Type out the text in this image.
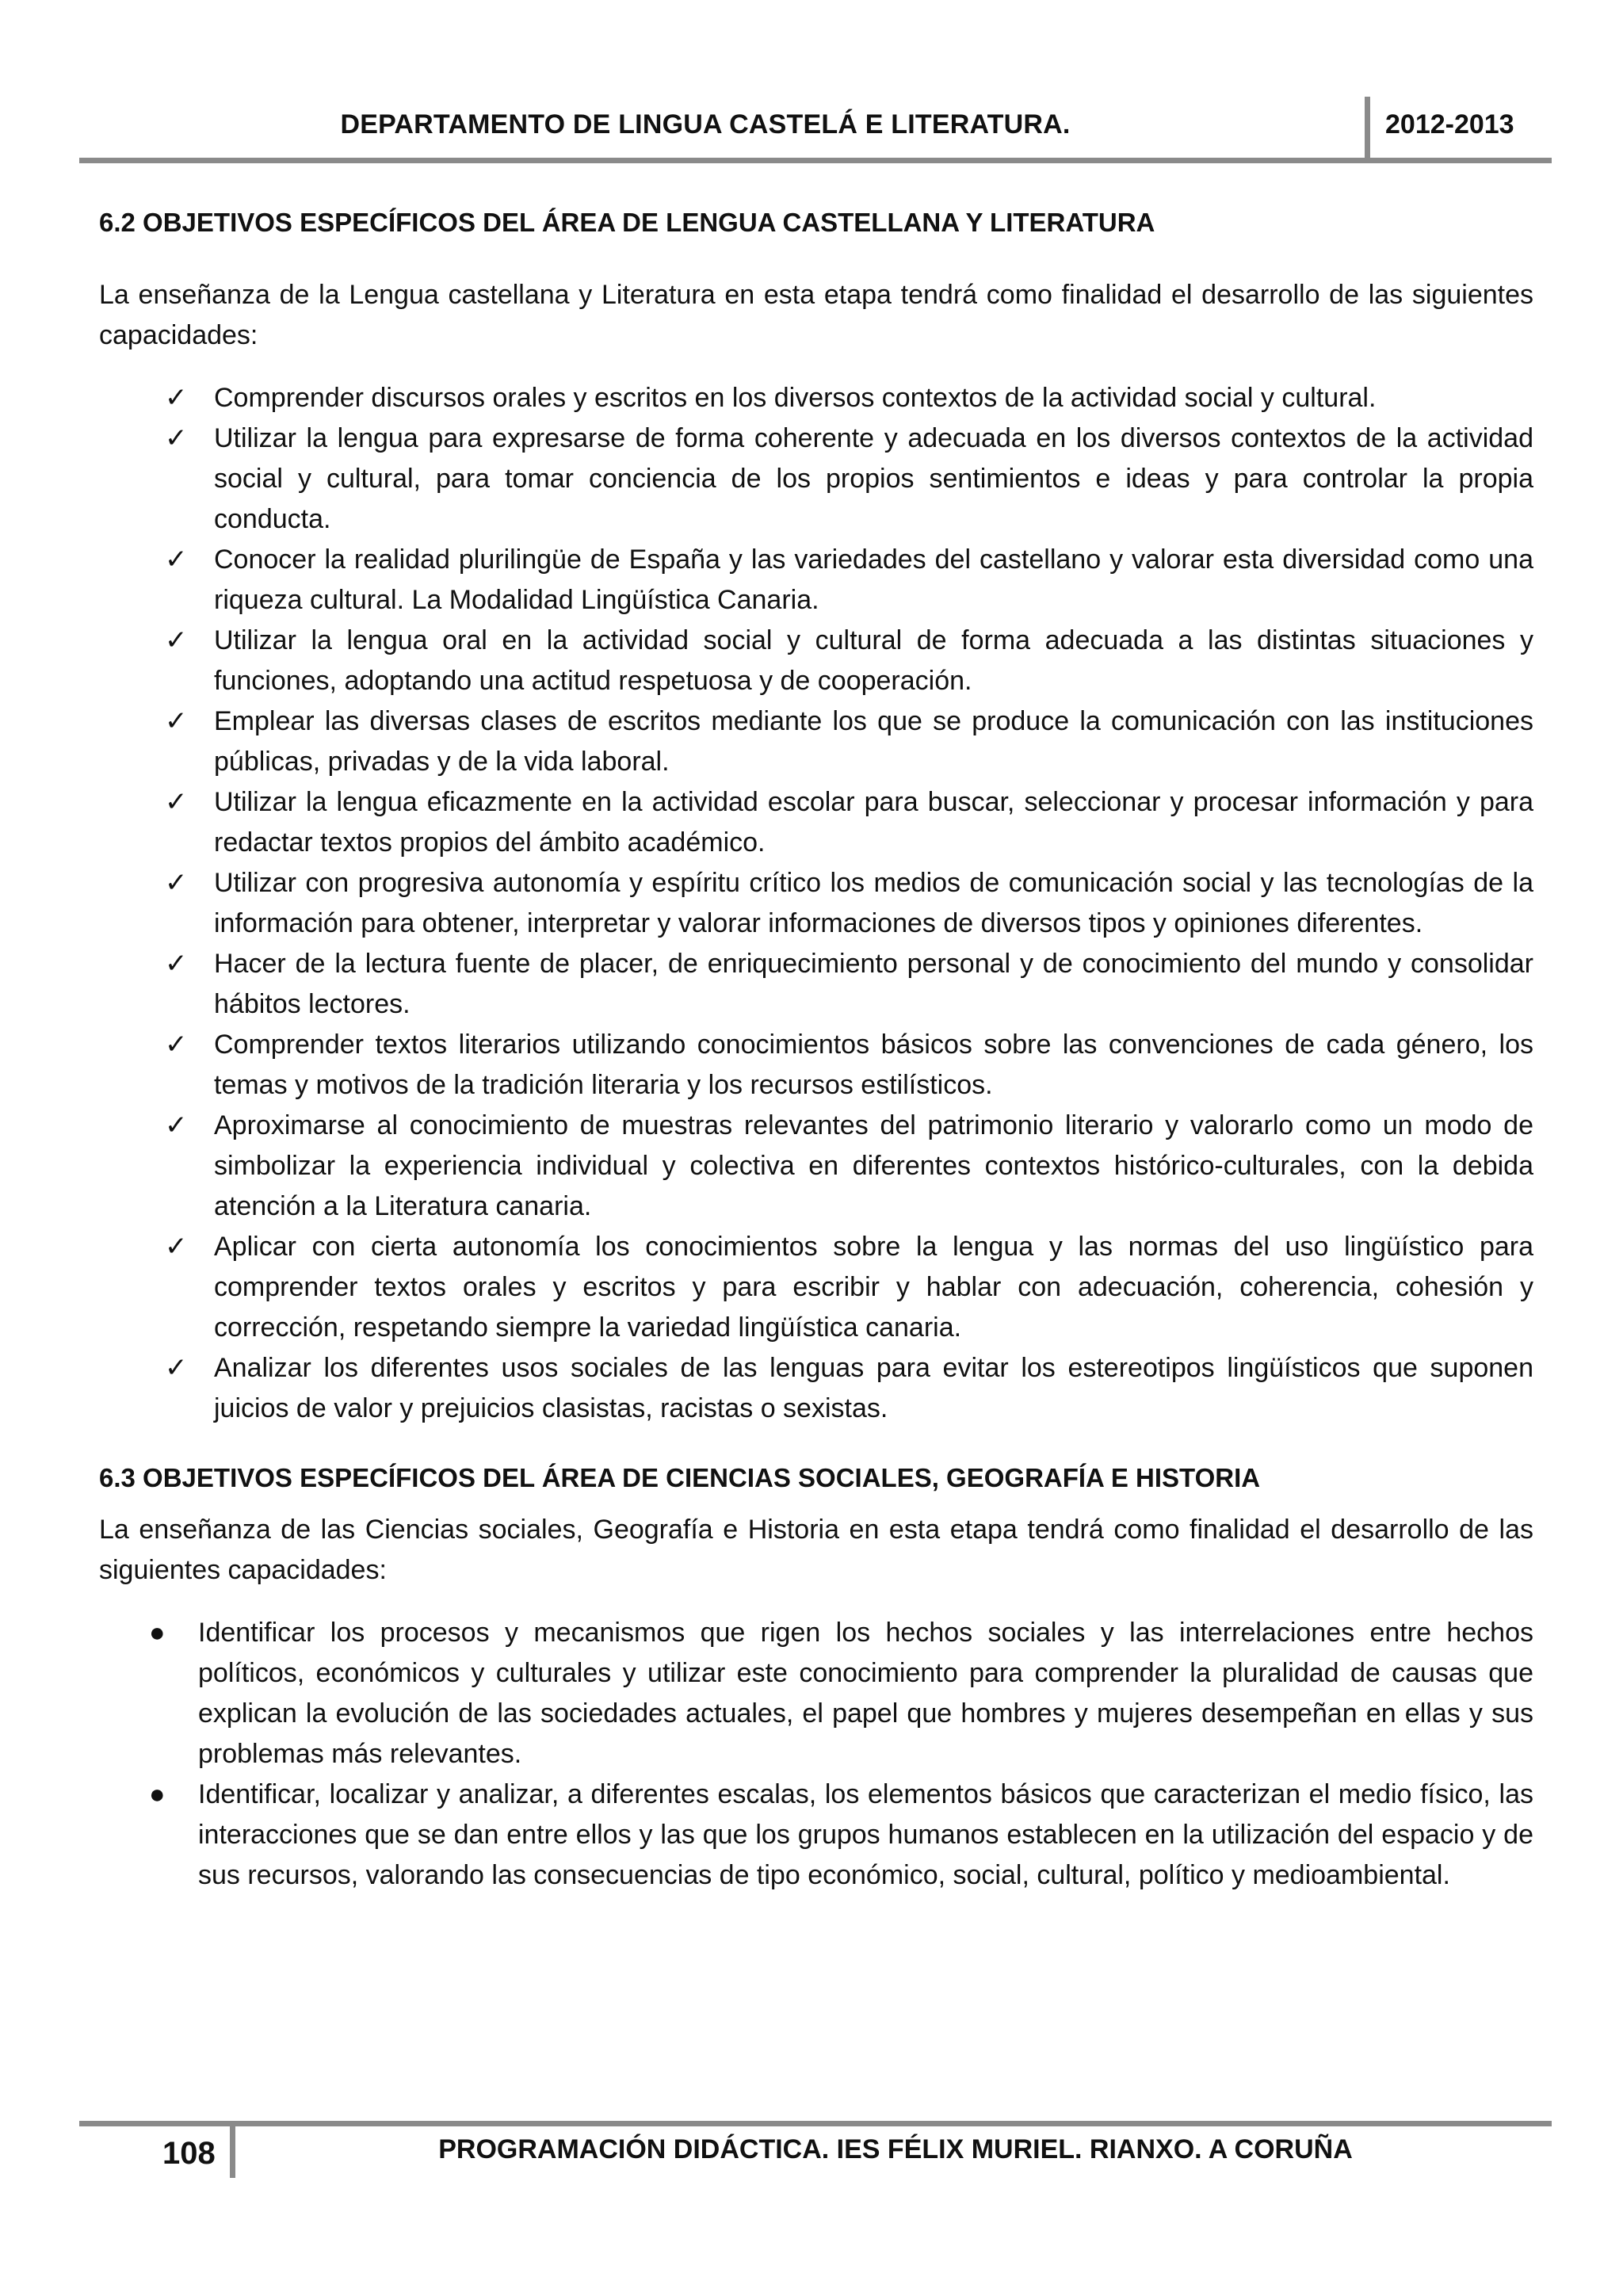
DEPARTAMENTO DE LINGUA CASTELÁ E LITERATURA.	2012-2013
6.2 OBJETIVOS ESPECÍFICOS DEL ÁREA DE LENGUA CASTELLANA Y LITERATURA

La enseñanza de la Lengua castellana y Literatura en esta etapa tendrá como finalidad el desarrollo de las siguientes capacidades:

✓ Comprender discursos orales y escritos en los diversos contextos de la actividad social y cultural.
✓ Utilizar la lengua para expresarse de forma coherente y adecuada en los diversos contextos de la actividad social y cultural, para tomar conciencia de los propios sentimientos e ideas y para controlar la propia conducta.
✓ Conocer la realidad plurilingüe de España y las variedades del castellano y valorar esta diversidad como una riqueza cultural. La Modalidad Lingüística Canaria.
✓ Utilizar la lengua oral en la actividad social y cultural de forma adecuada a las distintas situaciones y funciones, adoptando una actitud respetuosa y de cooperación.
✓ Emplear las diversas clases de escritos mediante los que se produce la comunicación con las instituciones públicas, privadas y de la vida laboral.
✓ Utilizar la lengua eficazmente en la actividad escolar para buscar, seleccionar y procesar información y para redactar textos propios del ámbito académico.
✓ Utilizar con progresiva autonomía y espíritu crítico los medios de comunicación social y las tecnologías de la información para obtener, interpretar y valorar informaciones de diversos tipos y opiniones diferentes.
✓ Hacer de la lectura fuente de placer, de enriquecimiento personal y de conocimiento del mundo y consolidar hábitos lectores.
✓ Comprender textos literarios utilizando conocimientos básicos sobre las convenciones de cada género, los temas y motivos de la tradición literaria y los recursos estilísticos.
✓ Aproximarse al conocimiento de muestras relevantes del patrimonio literario y valorarlo como un modo de simbolizar la experiencia individual y colectiva en diferentes contextos histórico-culturales, con la debida atención a la Literatura canaria.
✓ Aplicar con cierta autonomía los conocimientos sobre la lengua y las normas del uso lingüístico para comprender textos orales y escritos y para escribir y hablar con adecuación, coherencia, cohesión y corrección, respetando siempre la variedad lingüística canaria.
✓ Analizar los diferentes usos sociales de las lenguas para evitar los estereotipos lingüísticos que suponen juicios de valor y prejuicios clasistas, racistas o sexistas.
6.3 OBJETIVOS ESPECÍFICOS DEL ÁREA DE CIENCIAS SOCIALES, GEOGRAFÍA E HISTORIA

La enseñanza de las Ciencias sociales, Geografía e Historia en esta etapa tendrá como finalidad el desarrollo de las siguientes capacidades:

● Identificar los procesos y mecanismos que rigen los hechos sociales y las interrelaciones entre hechos políticos, económicos y culturales y utilizar este conocimiento para comprender la pluralidad de causas que explican la evolución de las sociedades actuales, el papel que hombres y mujeres desempeñan en ellas y sus problemas más relevantes.
● Identificar, localizar y analizar, a diferentes escalas, los elementos básicos que caracterizan el medio físico, las interacciones que se dan entre ellos y las que los grupos humanos establecen en la utilización del espacio y de sus recursos, valorando las consecuencias de tipo económico, social, cultural, político y medioambiental.
108	PROGRAMACIÓN DIDÁCTICA. IES FÉLIX MURIEL. RIANXO. A CORUÑA
